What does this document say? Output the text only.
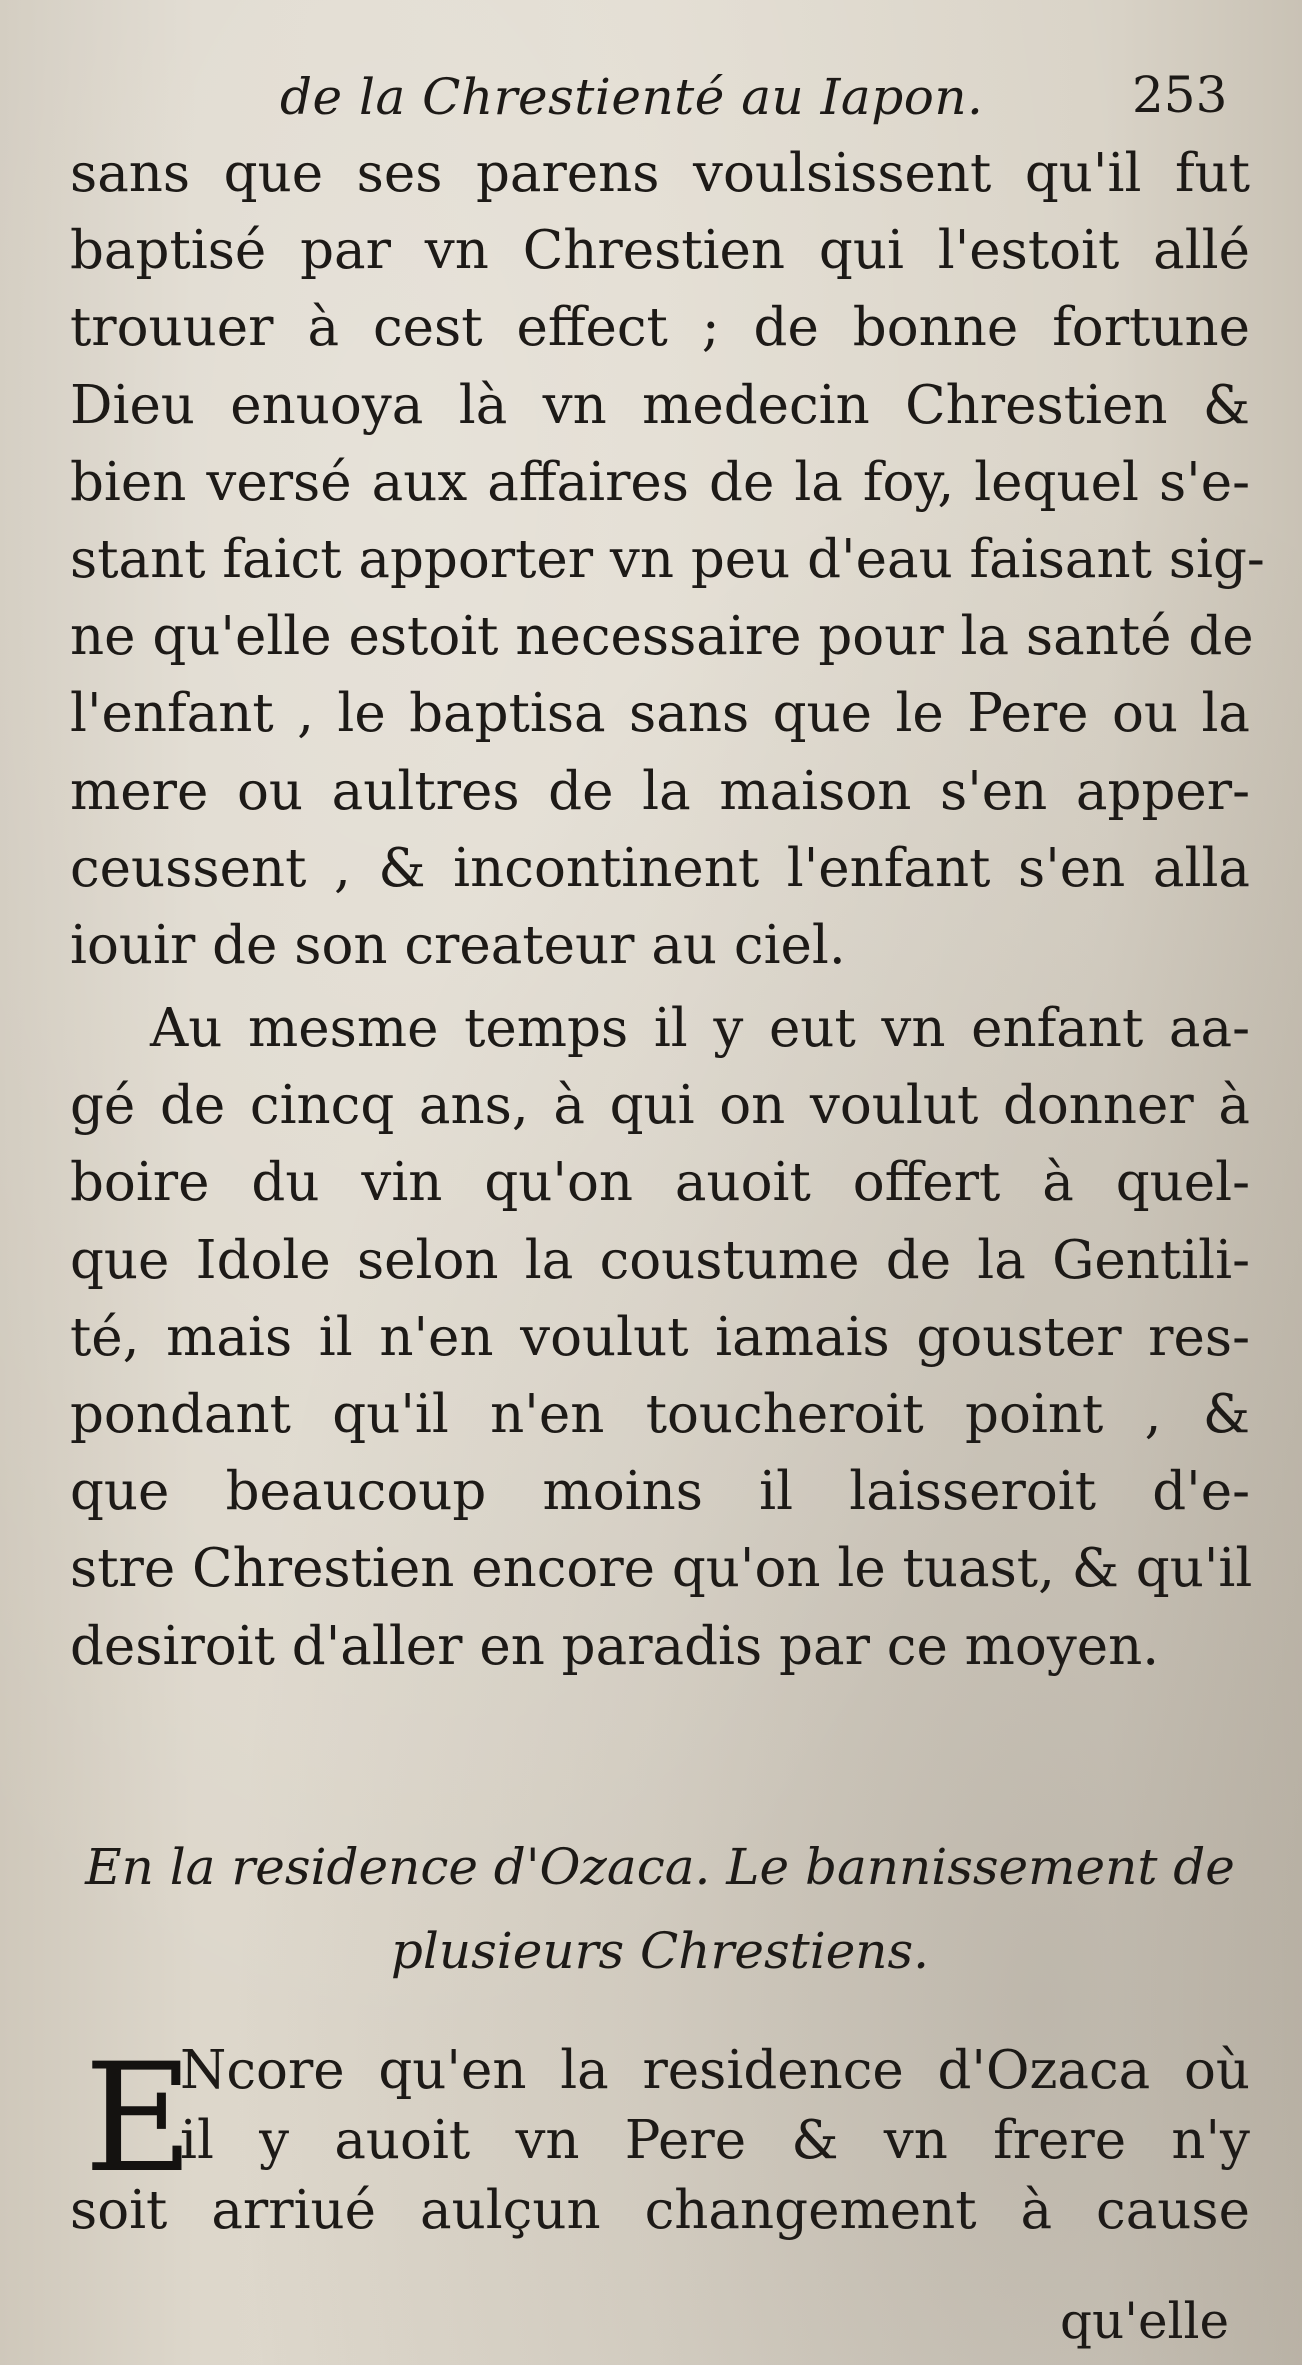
de la Chrestienté au Iapon.	253
sans que ses parens voulsissent qu'il fut
baptisé par vn Chrestien qui l'estoit allé
trouuer à cest effect ; de bonne fortune
Dieu enuoya là vn medecin Chrestien &
bien versé aux affaires de la foy, lequel s'e-
stant faict apporter vn peu d'eau faisant sig-
ne qu'elle estoit necessaire pour la santé de
l'enfant , le baptisa sans que le Pere ou la
mere ou aultres de la maison s'en apper-
ceussent , & incontinent l'enfant s'en alla
iouir de son createur au ciel.
Au mesme temps il y eut vn enfant aa-
gé de cincq ans, à qui on voulut donner à
boire du vin qu'on auoit offert à quel-
que Idole selon la coustume de la Gentili-
té, mais il n'en voulut iamais gouster res-
pondant qu'il n'en toucheroit point , &
que beaucoup moins il laisseroit d'e-
stre Chrestien encore qu'on le tuast, & qu'il
desiroit d'aller en paradis par ce moyen.
En la residence d'Ozaca. Le bannissement de
plusieurs Chrestiens.
E
Ncore qu'en la residence d'Ozaca où
il y auoit vn Pere & vn frere n'y
soit arriué aulçun changement à cause
qu'elle
